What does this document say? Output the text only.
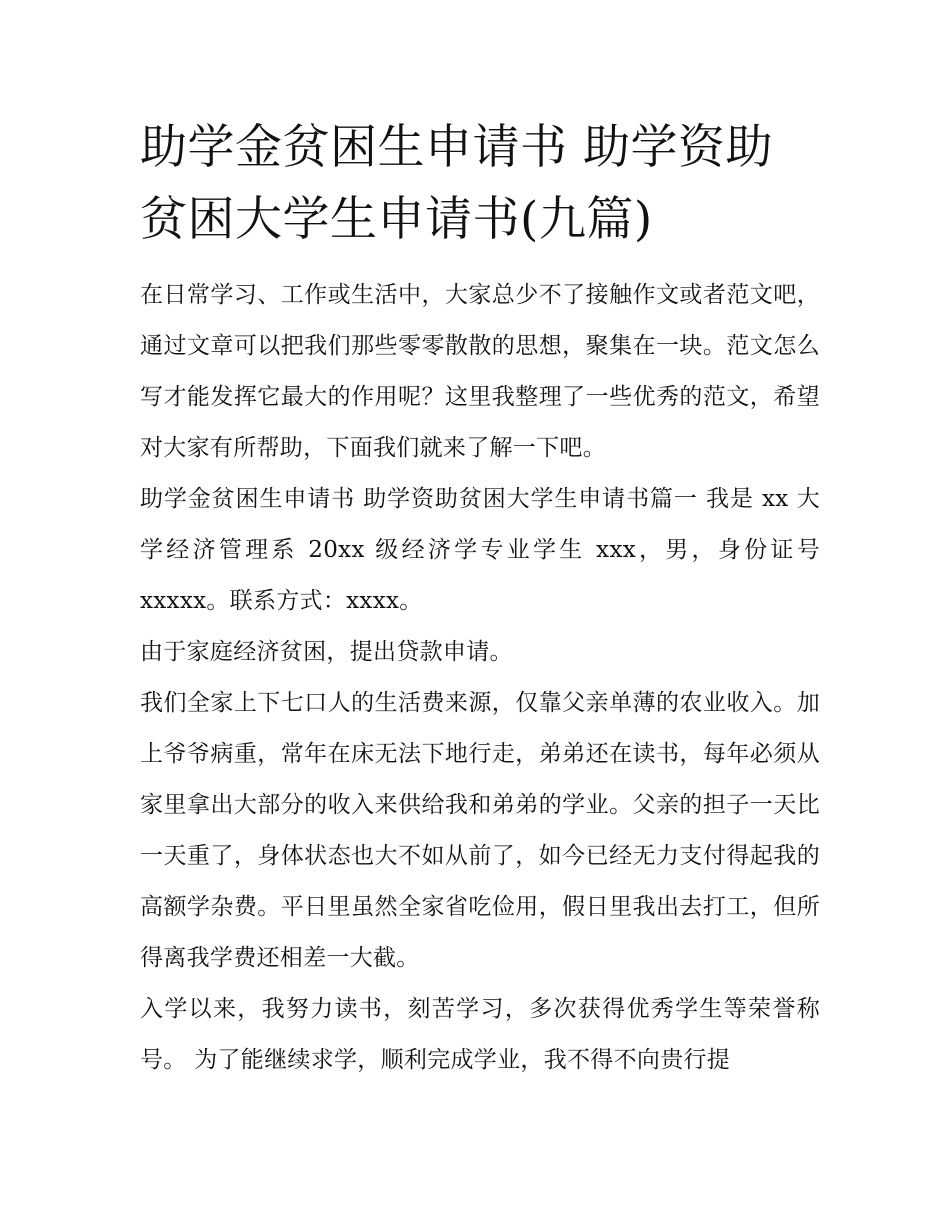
助学金贫困生申请书 助学资助贫困大学生申请书(九篇)

在日常学习、工作或生活中，大家总少不了接触作文或者范文吧，通过文章可以把我们那些零零散散的思想，聚集在一块。范文怎么写才能发挥它最大的作用呢？这里我整理了一些优秀的范文，希望对大家有所帮助，下面我们就来了解一下吧。

助学金贫困生申请书 助学资助贫困大学生申请书篇一 我是 xx 大学经济管理系 20xx 级经济学专业学生 xxx，男，身份证号 xxxxx。联系方式：xxxx。

由于家庭经济贫困，提出贷款申请。

我们全家上下七口人的生活费来源，仅靠父亲单薄的农业收入。加上爷爷病重，常年在床无法下地行走，弟弟还在读书，每年必须从家里拿出大部分的收入来供给我和弟弟的学业。父亲的担子一天比一天重了，身体状态也大不如从前了，如今已经无力支付得起我的高额学杂费。平日里虽然全家省吃俭用，假日里我出去打工，但所得离我学费还相差一大截。

入学以来，我努力读书，刻苦学习，多次获得优秀学生等荣誉称号。 为了能继续求学，顺利完成学业，我不得不向贵行提
